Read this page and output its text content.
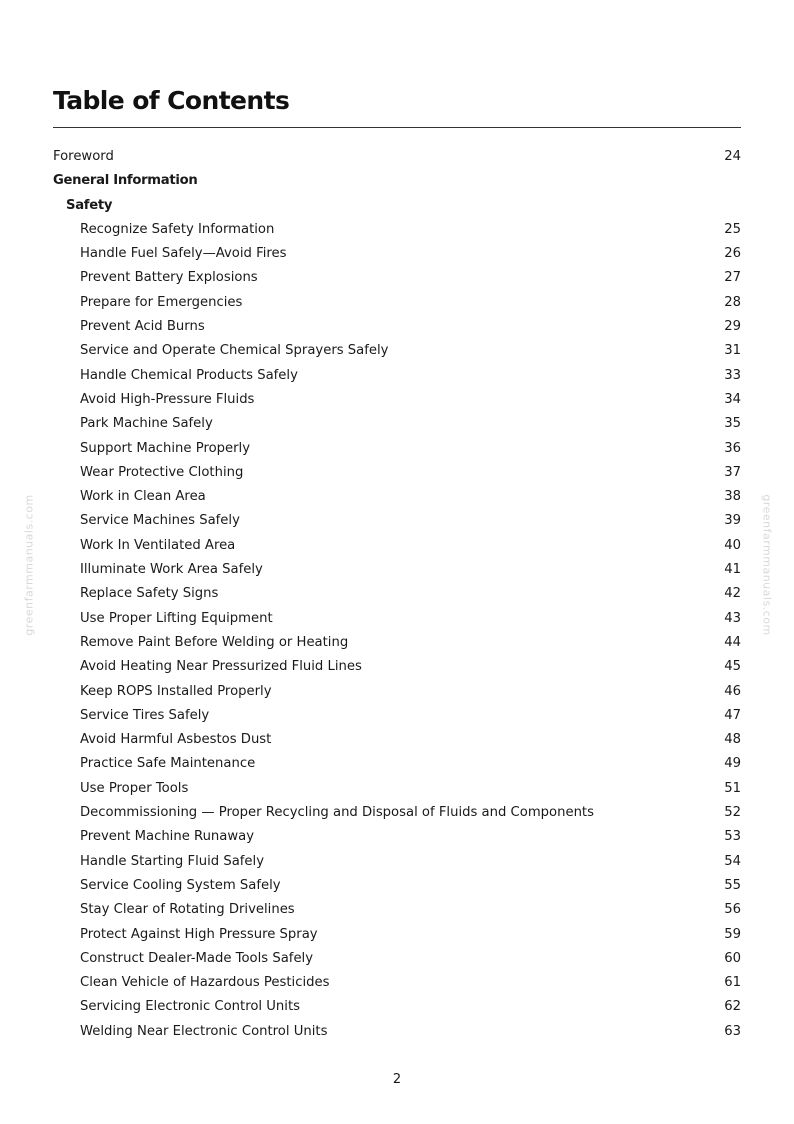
Table of Contents
Foreword	24
General Information
Safety
Recognize Safety Information	25
Handle Fuel Safely—Avoid Fires	26
Prevent Battery Explosions	27
Prepare for Emergencies	28
Prevent Acid Burns	29
Service and Operate Chemical Sprayers Safely	31
Handle Chemical Products Safely	33
Avoid High-Pressure Fluids	34
Park Machine Safely	35
Support Machine Properly	36
Wear Protective Clothing	37
Work in Clean Area	38
Service Machines Safely	39
Work In Ventilated Area	40
Illuminate Work Area Safely	41
Replace Safety Signs	42
Use Proper Lifting Equipment	43
Remove Paint Before Welding or Heating	44
Avoid Heating Near Pressurized Fluid Lines	45
Keep ROPS Installed Properly	46
Service Tires Safely	47
Avoid Harmful Asbestos Dust	48
Practice Safe Maintenance	49
Use Proper Tools	51
Decommissioning — Proper Recycling and Disposal of Fluids and Components	52
Prevent Machine Runaway	53
Handle Starting Fluid Safely	54
Service Cooling System Safely	55
Stay Clear of Rotating Drivelines	56
Protect Against High Pressure Spray	59
Construct Dealer-Made Tools Safely	60
Clean Vehicle of Hazardous Pesticides	61
Servicing Electronic Control Units	62
Welding Near Electronic Control Units	63
greenfarmmanuals.com	greenfarmmanuals.com
2
